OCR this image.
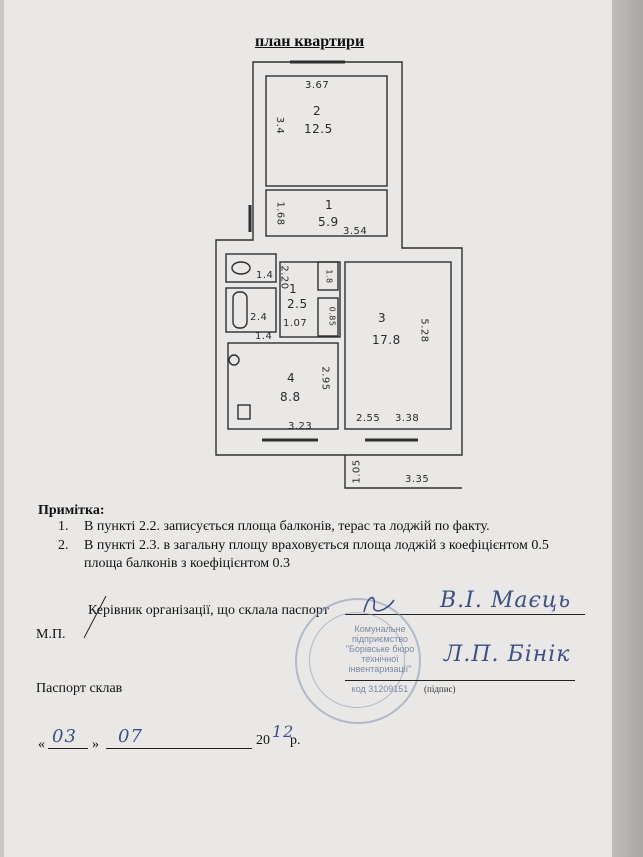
план квартири
3.67
3.4
2
12.5
1.68	1
5.9
3.54
3
17.8 5.28
3.38
2.55
4
8.8
2.95
3.23
1
2.5
2.20
1.07
1.4
2.4
1.4
1.8
0.85
1.05	3.35
Примітка:
1. В пункті 2.2. записується площа балконів, терас та лоджій по факту.
2. В пункті 2.3. в загальну площу враховується площа лоджій з коефіцієнтом 0.5
площа балконів з коефіцієнтом 0.3
М.П.
Керівник організації, що склала паспорт
Комунальне
підприємство
"Борівське бюро
технічної
інвентаризації"
код 31209151
В.І. Маєць
Паспорт склав
Л.П. Бінік
(підпис)
« 03 » 07	20 12
р.
